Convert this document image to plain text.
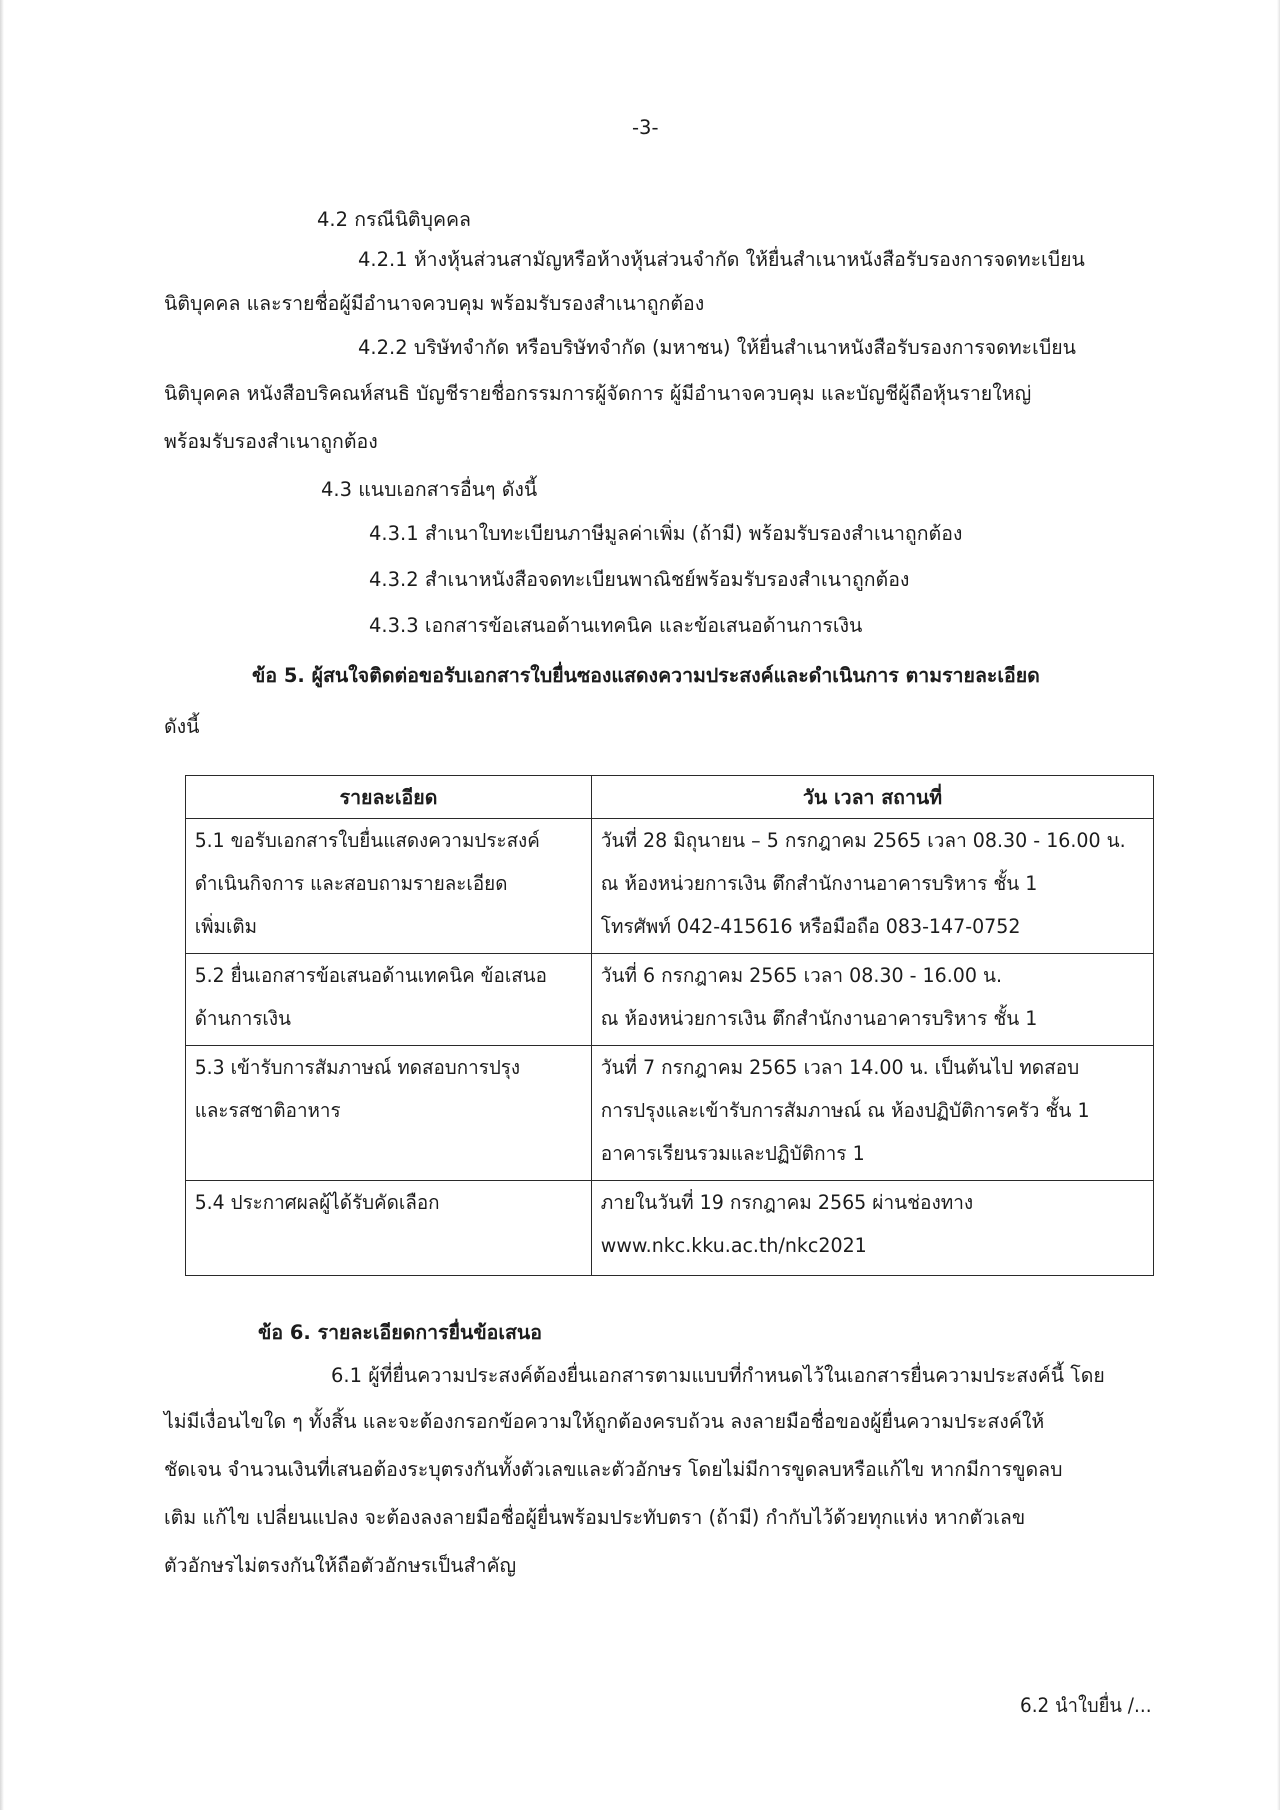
-3-
4.2 กรณีนิติบุคคล
4.2.1 ห้างหุ้นส่วนสามัญหรือห้างหุ้นส่วนจำกัด ให้ยื่นสำเนาหนังสือรับรองการจดทะเบียน
นิติบุคคล และรายชื่อผู้มีอำนาจควบคุม พร้อมรับรองสำเนาถูกต้อง
4.2.2 บริษัทจำกัด หรือบริษัทจำกัด (มหาชน) ให้ยื่นสำเนาหนังสือรับรองการจดทะเบียน
นิติบุคคล หนังสือบริคณห์สนธิ บัญชีรายชื่อกรรมการผู้จัดการ ผู้มีอำนาจควบคุม และบัญชีผู้ถือหุ้นรายใหญ่
พร้อมรับรองสำเนาถูกต้อง
4.3 แนบเอกสารอื่นๆ ดังนี้
4.3.1 สำเนาใบทะเบียนภาษีมูลค่าเพิ่ม (ถ้ามี) พร้อมรับรองสำเนาถูกต้อง
4.3.2 สำเนาหนังสือจดทะเบียนพาณิชย์พร้อมรับรองสำเนาถูกต้อง
4.3.3 เอกสารข้อเสนอด้านเทคนิค และข้อเสนอด้านการเงิน
ข้อ 5. ผู้สนใจติดต่อขอรับเอกสารใบยื่นซองแสดงความประสงค์และดำเนินการ ตามรายละเอียด
ดังนี้
รายละเอียด	วัน เวลา สถานที่

5.1 ขอรับเอกสารใบยื่นแสดงความประสงค์
ดำเนินกิจการ และสอบถามรายละเอียด
เพิ่มเติม	วันที่ 28 มิถุนายน – 5 กรกฎาคม 2565 เวลา 08.30 - 16.00 น.
ณ ห้องหน่วยการเงิน ตึกสำนักงานอาคารบริหาร ชั้น 1
โทรศัพท์ 042-415616 หรือมือถือ 083-147-0752

5.2 ยื่นเอกสารข้อเสนอด้านเทคนิค ข้อเสนอ
ด้านการเงิน	วันที่ 6 กรกฎาคม 2565 เวลา 08.30 - 16.00 น.
ณ ห้องหน่วยการเงิน ตึกสำนักงานอาคารบริหาร ชั้น 1

5.3 เข้ารับการสัมภาษณ์ ทดสอบการปรุง
และรสชาติอาหาร	วันที่ 7 กรกฎาคม 2565 เวลา 14.00 น. เป็นต้นไป ทดสอบ
การปรุงและเข้ารับการสัมภาษณ์ ณ ห้องปฏิบัติการครัว ชั้น 1
อาคารเรียนรวมและปฏิบัติการ 1

5.4 ประกาศผลผู้ได้รับคัดเลือก	ภายในวันที่ 19 กรกฎาคม 2565 ผ่านช่องทาง
www.nkc.kku.ac.th/nkc2021
ข้อ 6. รายละเอียดการยื่นข้อเสนอ
6.1 ผู้ที่ยื่นความประสงค์ต้องยื่นเอกสารตามแบบที่กำหนดไว้ในเอกสารยื่นความประสงค์นี้ โดย
ไม่มีเงื่อนไขใด ๆ ทั้งสิ้น และจะต้องกรอกข้อความให้ถูกต้องครบถ้วน ลงลายมือชื่อของผู้ยื่นความประสงค์ให้
ชัดเจน จำนวนเงินที่เสนอต้องระบุตรงกันทั้งตัวเลขและตัวอักษร โดยไม่มีการขูดลบหรือแก้ไข หากมีการขูดลบ
เติม แก้ไข เปลี่ยนแปลง จะต้องลงลายมือชื่อผู้ยื่นพร้อมประทับตรา (ถ้ามี) กำกับไว้ด้วยทุกแห่ง หากตัวเลข
ตัวอักษรไม่ตรงกันให้ถือตัวอักษรเป็นสำคัญ
6.2 นำใบยื่น /...
